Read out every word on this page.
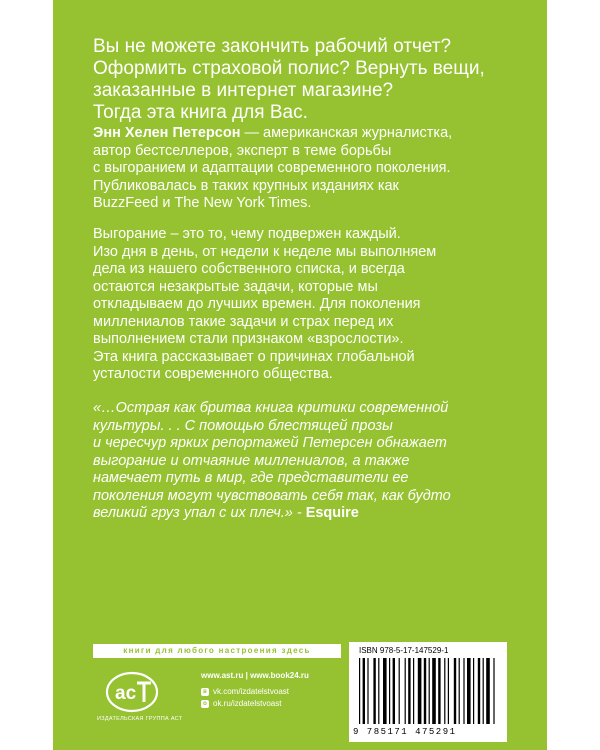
Вы не можете закончить рабочий отчет?
Оформить страховой полис? Вернуть вещи,
заказанные в интернет магазине?
Тогда эта книга для Вас.
Энн Хелен Петерсон — американская журналистка,
автор бестселлеров, эксперт в теме борьбы
с выгоранием и адаптации современного поколения.
Публиковалась в таких крупных изданиях как
BuzzFeed и The New York Times.
Выгорание – это то, чему подвержен каждый.
Изо дня в день, от недели к неделе мы выполняем
дела из нашего собственного списка, и всегда
остаются незакрытые задачи, которые мы
откладываем до лучших времен. Для поколения
миллениалов такие задачи и страх перед их
выполнением стали признаком «взрослости».
Эта книга рассказывает о причинах глобальной
усталости современного общества.
«…Острая как бритва книга критики современной
культуры. . . С помощью блестящей прозы
и чересчур ярких репортажей Петерсен обнажает
выгорание и отчаяние миллениалов, а также
намечает путь в мир, где представители ее
поколения могут чувствовать себя так, как будто
великий груз упал с их плеч.» - Esquire
книги для любого настроения здесь
ac
ИЗДАТЕЛЬСКАЯ ГРУППА АСТ
www.ast.ru | www.book24.ru
в vk.com/izdatelstvoast
о ok.ru/izdatelstvoast
ISBN 978-5-17-147529-1
9 785171 475291
